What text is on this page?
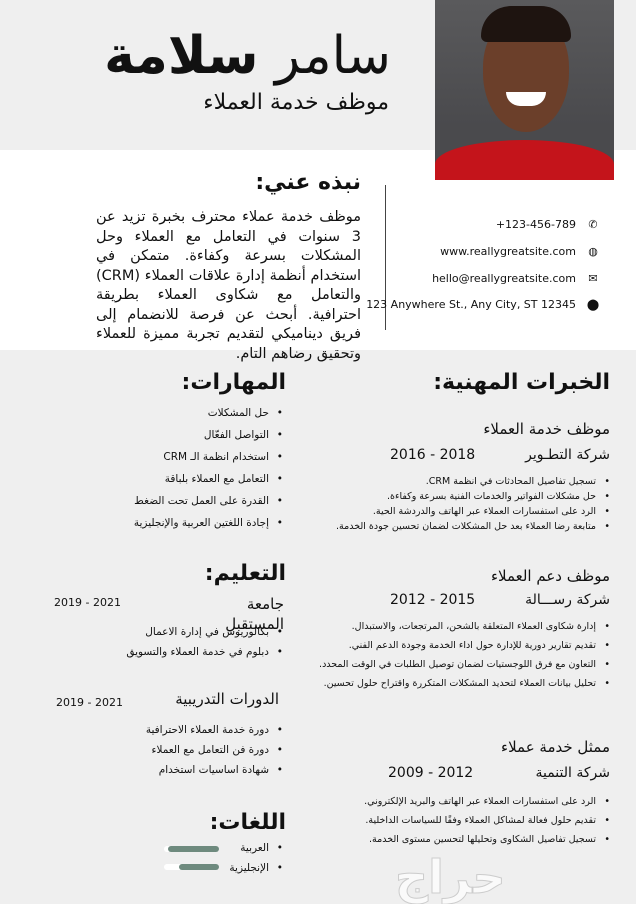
سامر سلامة
موظف خدمة العملاء
نبذه عني:

موظف خدمة عملاء محترف بخبرة تزيد عن 3 سنوات في التعامل مع العملاء وحل المشكلات بسرعة وكفاءة. متمكن في استخدام أنظمة إدارة علاقات العملاء (CRM) والتعامل مع شكاوى العملاء بطريقة احترافية. أبحث عن فرصة للانضمام إلى فريق ديناميكي لتقديم تجربة مميزة للعملاء وتحقيق رضاهم التام.

+123-456-789 ✆
www.reallygreatsite.com ◍
hello@reallygreatsite.com ✉
123 Anywhere St., Any City, ST 12345 ⬤
الخبرات المهنية:
موظف خدمة العملاء
شركة التطـوير
2016 - 2018
• تسجيل تفاصيل المحادثات في انظمة CRM.
• حل مشكلات الفواتير والخدمات الفنية بسرعة وكفاءة.
• الرد على استفسارات العملاء عبر الهاتف والدردشة الحية.
• متابعة رضا العملاء بعد حل المشكلات لضمان تحسين جودة الخدمة.
موظف دعم العملاء
شركة رســـالة
2012 - 2015
• إدارة شكاوى العملاء المتعلقة بالشحن، المرتجعات، والاستبدال.
• تقديم تقارير دورية للإدارة حول اداء الخدمة وجودة الدعم الفني.
• التعاون مع فرق اللوجستيات لضمان توصيل الطلبات في الوقت المحدد.
• تحليل بيانات العملاء لتحديد المشكلات المتكررة واقتراح حلول تحسين.
ممثل خدمة عملاء
شركة التنمية
2009 - 2012
• الرد على استفسارات العملاء عبر الهاتف والبريد الإلكتروني.
• تقديم حلول فعالة لمشاكل العملاء وفقًا للسياسات الداخلية.
• تسجيل تفاصيل الشكاوى وتحليلها لتحسين مستوى الخدمة.
المهارات:
• حل المشكلات
• التواصل الفعّال
• استخدام انظمة الـ CRM
• التعامل مع العملاء بلباقة
• القدرة على العمل تحت الضغط
• إجادة اللغتين العربية والإنجليزية
التعليم:
جامعة المستقبل
2019 - 2021
• بكالوريوس في إدارة الاعمال
• دبلوم في خدمة العملاء والتسويق
الدورات التدريبية
2019 - 2021
• دورة خدمة العملاء الاحترافية
• دورة فن التعامل مع العملاء
• شهادة اساسيات استخدام
اللغات:
• العربية
• الإنجليزية	حراج
